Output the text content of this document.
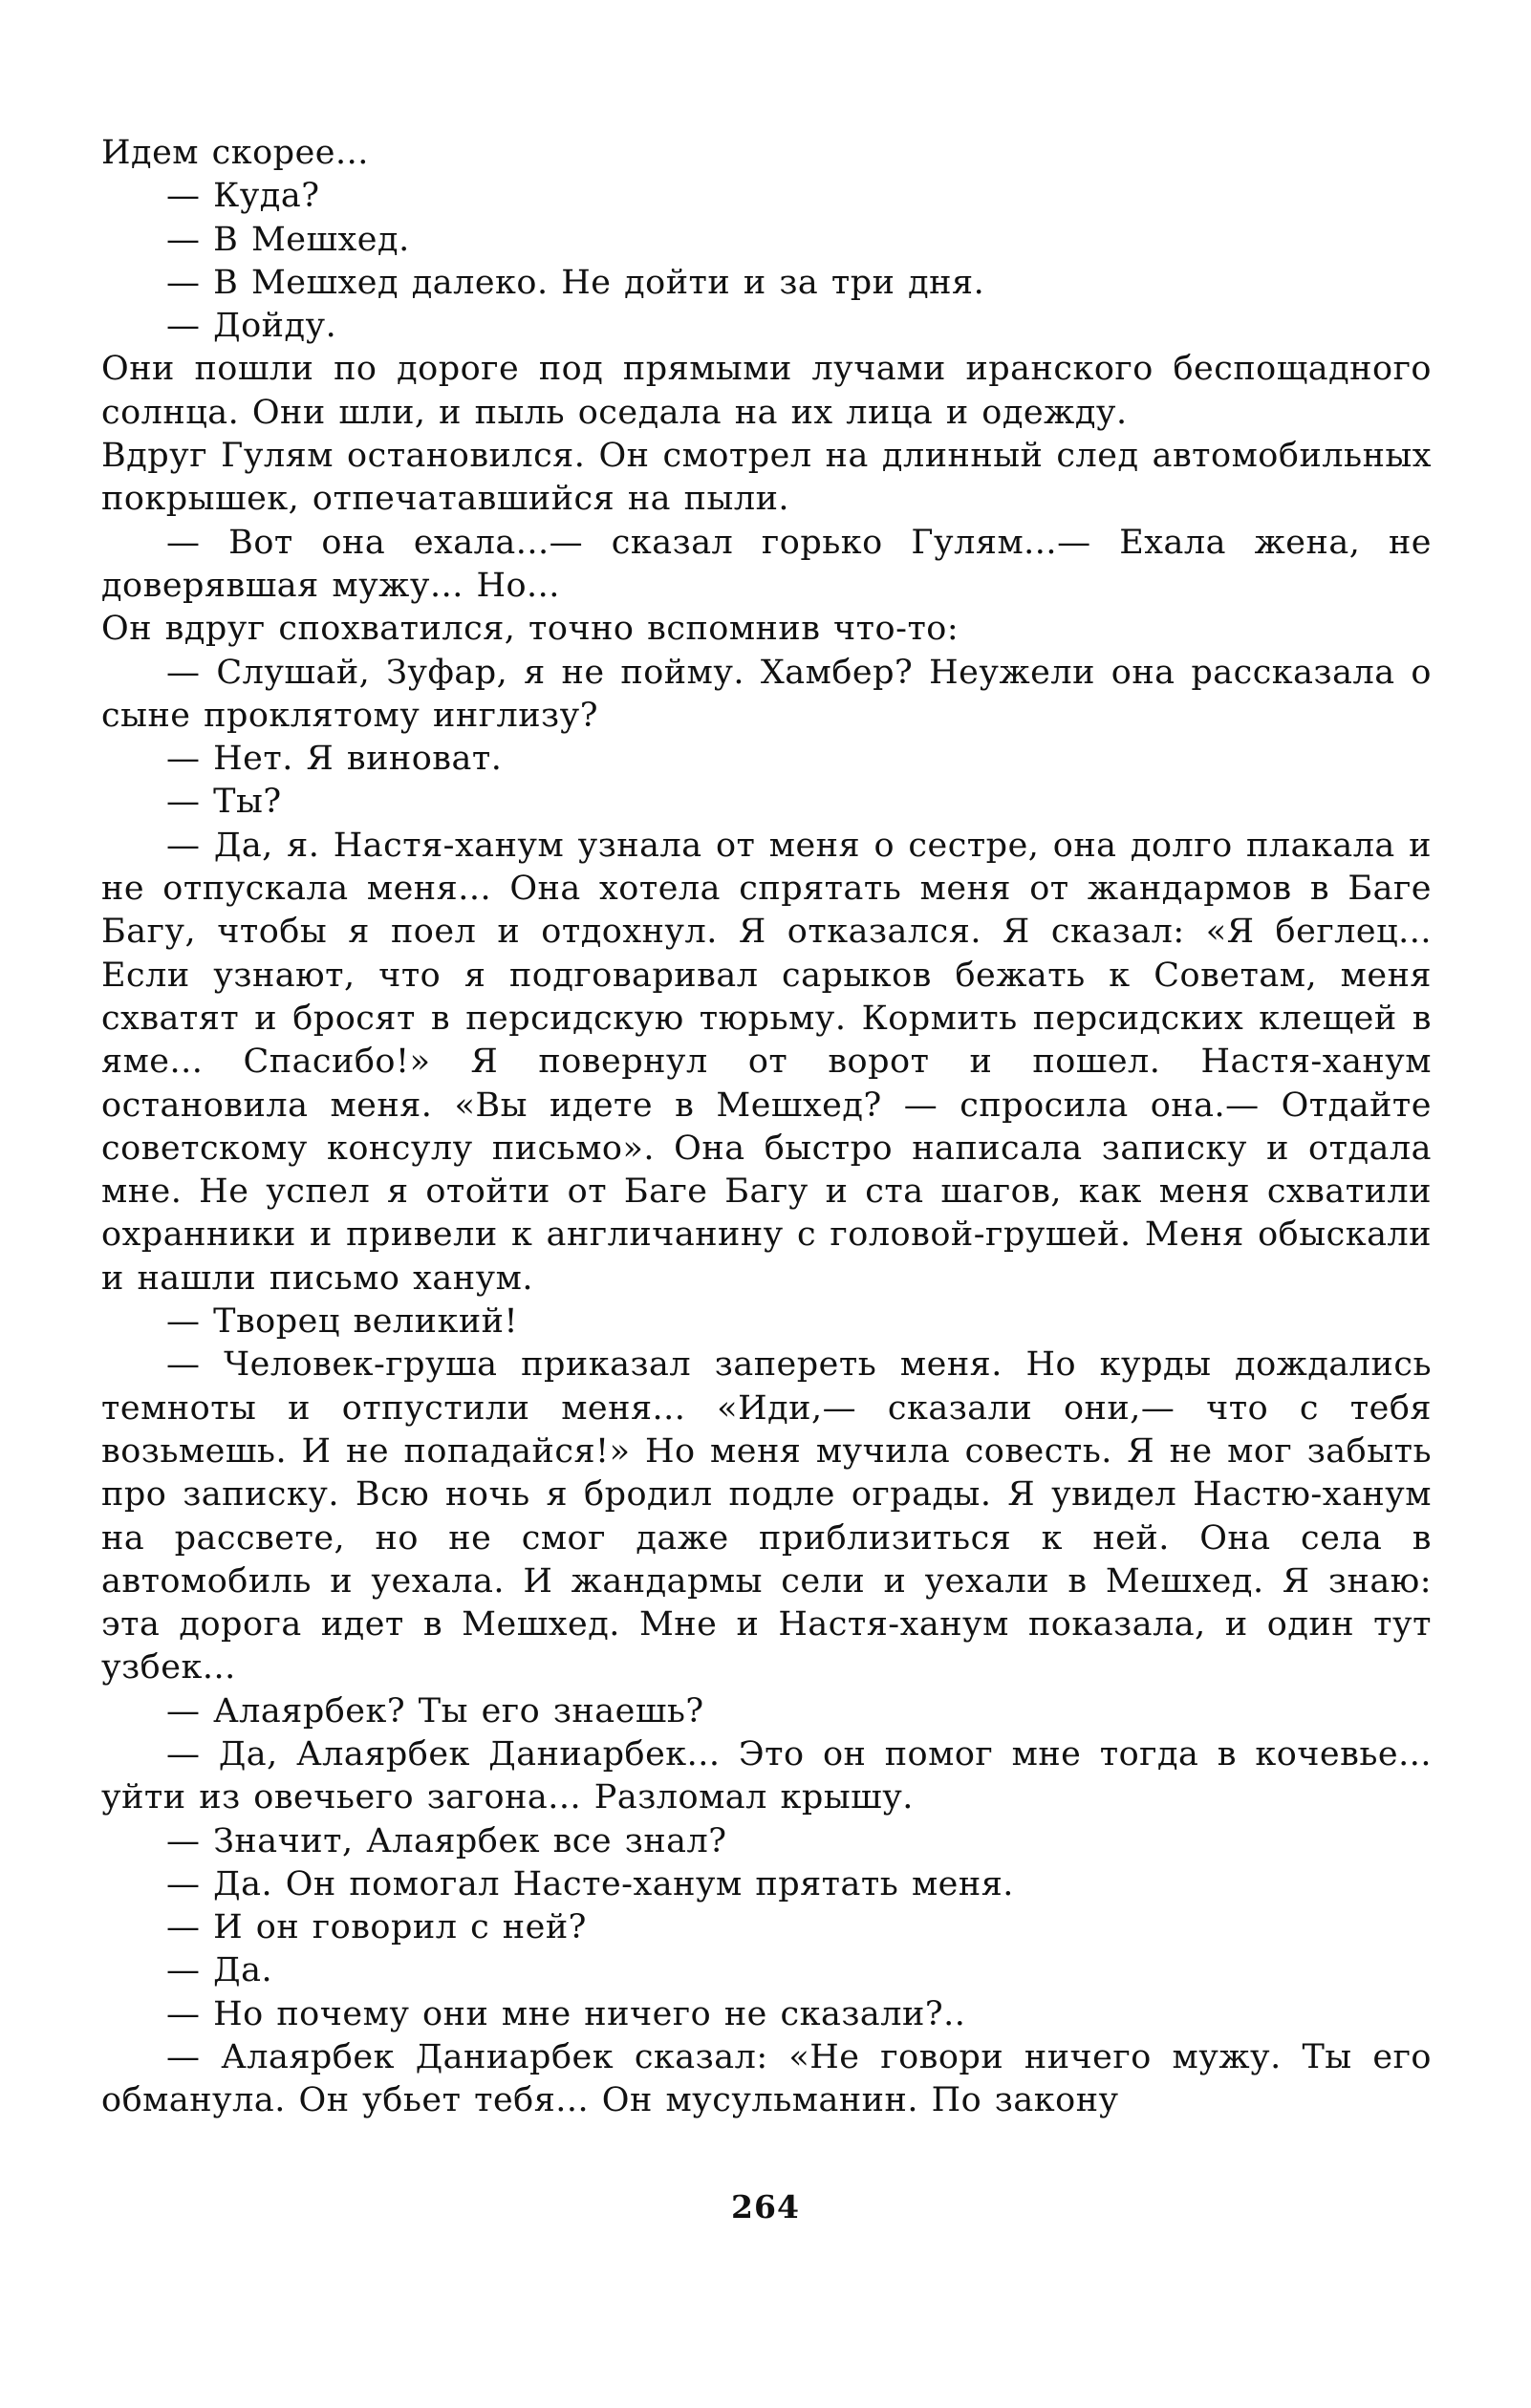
Идем скорее...

— Куда?

— В Мешхед.

— В Мешхед далеко. Не дойти и за три дня.

— Дойду.

Они пошли по дороге под прямыми лучами иранского беспощадного солнца. Они шли, и пыль оседала на их лица и одежду.

Вдруг Гулям остановился. Он смотрел на длинный след автомобильных покрышек, отпечатавшийся на пыли.

— Вот она ехала...— сказал горько Гулям...— Ехала жена, не доверявшая мужу... Но...

Он вдруг спохватился, точно вспомнив что-то:

— Слушай, Зуфар, я не пойму. Хамбер? Неужели она рассказала о сыне проклятому инглизу?

— Нет. Я виноват.

— Ты?

— Да, я. Настя-ханум узнала от меня о сестре, она долго плакала и не отпускала меня... Она хотела спрятать меня от жандармов в Баге Багу, чтобы я поел и отдохнул. Я отказался. Я сказал: «Я беглец... Если узнают, что я подговаривал сарыков бежать к Советам, меня схватят и бросят в персидскую тюрьму. Кормить персидских клещей в яме... Спасибо!» Я повернул от ворот и пошел. Настя-ханум остановила меня. «Вы идете в Мешхед? — спросила она.— Отдайте советскому консулу письмо». Она быстро написала записку и отдала мне. Не успел я отойти от Баге Багу и ста шагов, как меня схватили охранники и привели к англичанину с головой-грушей. Меня обыскали и нашли письмо ханум.

— Творец великий!

— Человек-груша приказал запереть меня. Но курды дождались темноты и отпустили меня... «Иди,— сказали они,— что с тебя возьмешь. И не попадайся!» Но меня мучила совесть. Я не мог забыть про записку. Всю ночь я бродил подле ограды. Я увидел Настю-ханум на рассвете, но не смог даже приблизиться к ней. Она села в автомобиль и уехала. И жандармы сели и уехали в Мешхед. Я знаю: эта дорога идет в Мешхед. Мне и Настя-ханум показала, и один тут узбек...

— Алаярбек? Ты его знаешь?

— Да, Алаярбек Даниарбек... Это он помог мне тогда в кочевье... уйти из овечьего загона... Разломал крышу.

— Значит, Алаярбек все знал?

— Да. Он помогал Насте-ханум прятать меня.

— И он говорил с ней?

— Да.

— Но почему они мне ничего не сказали?..

— Алаярбек Даниарбек сказал: «Не говори ничего мужу. Ты его обманула. Он убьет тебя... Он мусульманин. По закону

264
